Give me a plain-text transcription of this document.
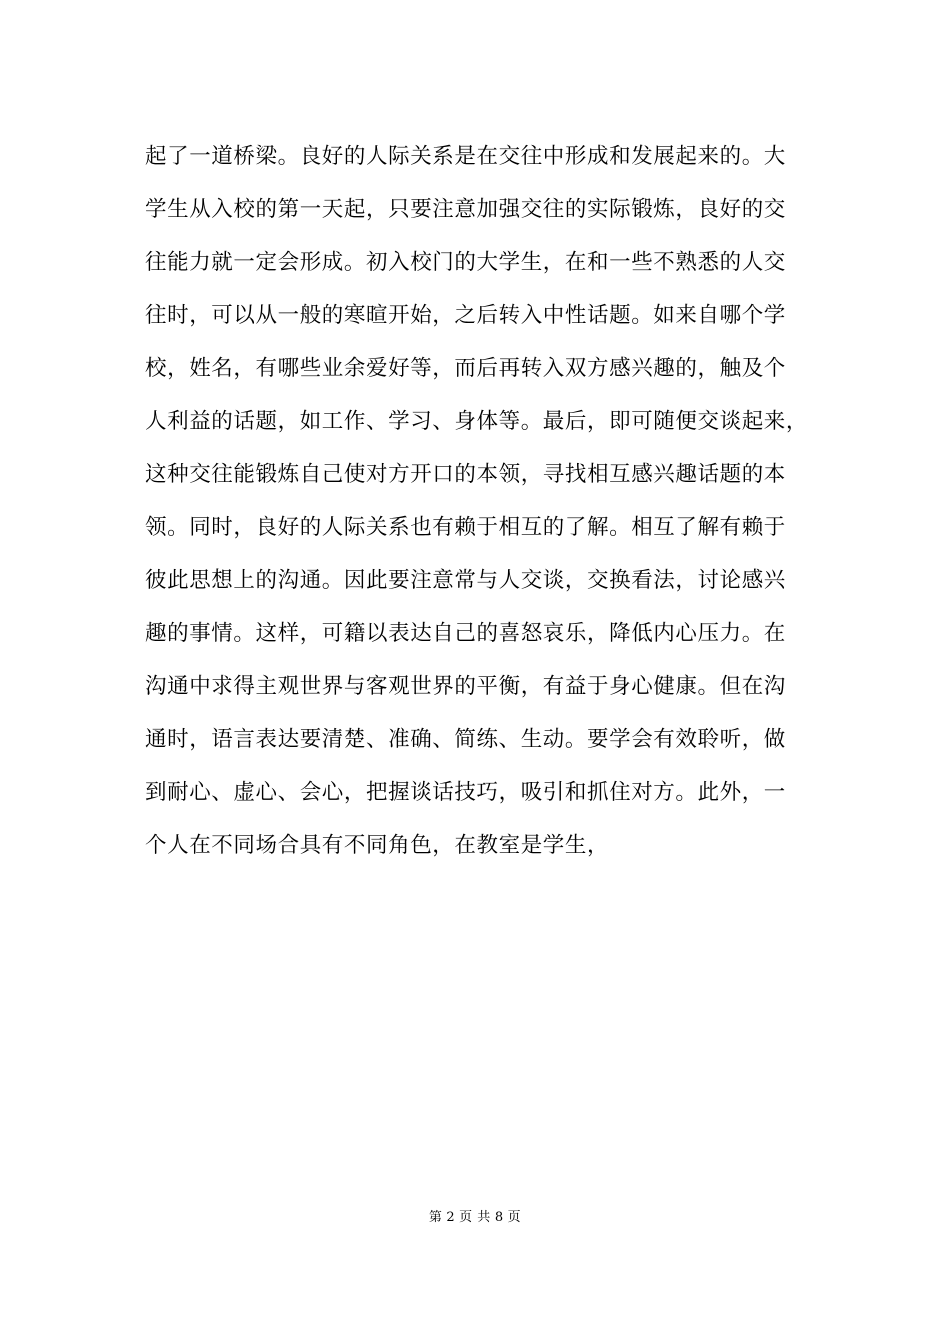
起了一道桥梁。良好的人际关系是在交往中形成和发展起来的。大
学生从入校的第一天起，只要注意加强交往的实际锻炼，良好的交
往能力就一定会形成。初入校门的大学生，在和一些不熟悉的人交
往时，可以从一般的寒暄开始，之后转入中性话题。如来自哪个学
校，姓名，有哪些业余爱好等，而后再转入双方感兴趣的，触及个
人利益的话题，如工作、学习、身体等。最后，即可随便交谈起来，
这种交往能锻炼自己使对方开口的本领，寻找相互感兴趣话题的本
领。同时，良好的人际关系也有赖于相互的了解。相互了解有赖于
彼此思想上的沟通。因此要注意常与人交谈，交换看法，讨论感兴
趣的事情。这样，可籍以表达自己的喜怒哀乐，降低内心压力。在
沟通中求得主观世界与客观世界的平衡，有益于身心健康。但在沟
通时，语言表达要清楚、准确、简练、生动。要学会有效聆听，做
到耐心、虚心、会心，把握谈话技巧，吸引和抓住对方。此外，一
个人在不同场合具有不同角色，在教室是学生，
第 2 页 共 8 页
